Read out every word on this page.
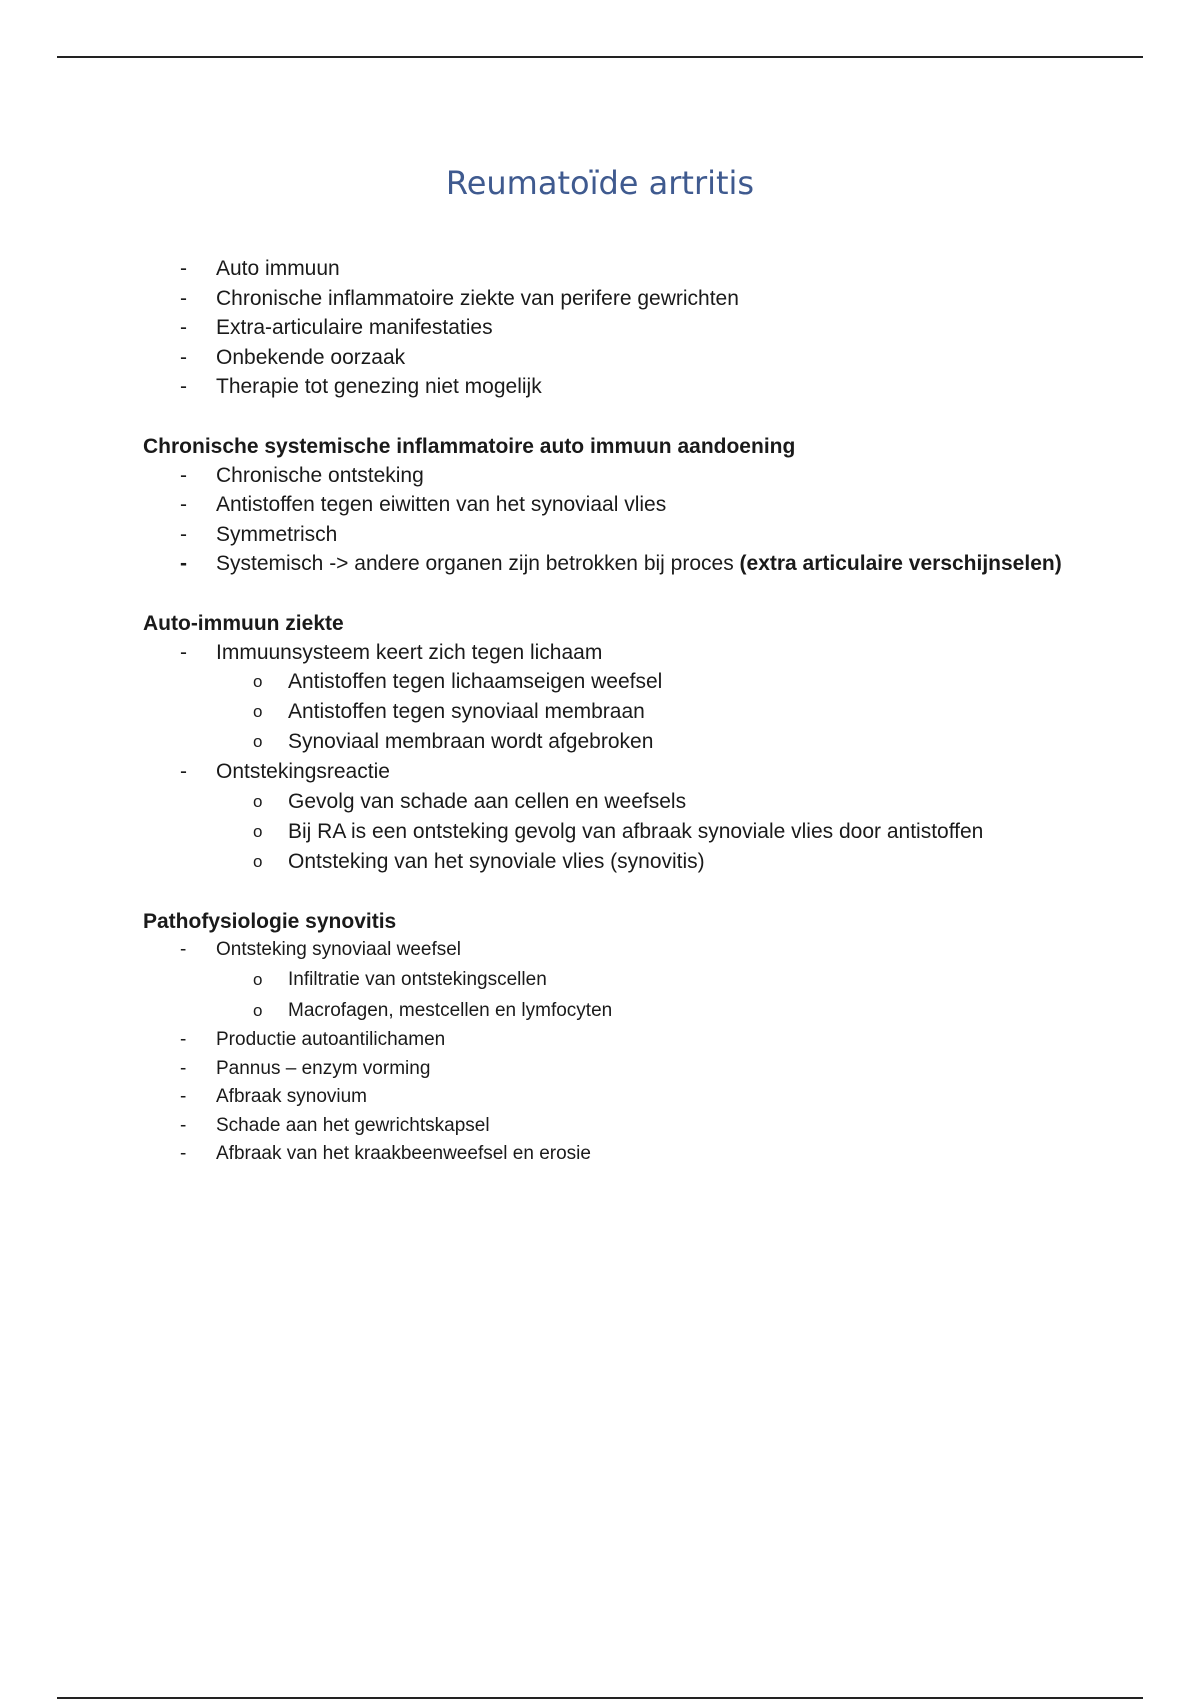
Reumatoïde artritis
- Auto immuun
- Chronische inflammatoire ziekte van perifere gewrichten
- Extra-articulaire manifestaties
- Onbekende oorzaak
- Therapie tot genezing niet mogelijk

Chronische systemische inflammatoire auto immuun aandoening

- Chronische ontsteking
- Antistoffen tegen eiwitten van het synoviaal vlies
- Symmetrisch
- Systemisch -> andere organen zijn betrokken bij proces (extra articulaire verschijnselen)

Auto-immuun ziekte

- Immuunsysteem keert zich tegen lichaam
o Antistoffen tegen lichaamseigen weefsel
o Antistoffen tegen synoviaal membraan
o Synoviaal membraan wordt afgebroken
- Ontstekingsreactie
o Gevolg van schade aan cellen en weefsels
o Bij RA is een ontsteking gevolg van afbraak synoviale vlies door antistoffen
o Ontsteking van het synoviale vlies (synovitis)

Pathofysiologie synovitis

- Ontsteking synoviaal weefsel
o Infiltratie van ontstekingscellen
o Macrofagen, mestcellen en lymfocyten
- Productie autoantilichamen
- Pannus – enzym vorming
- Afbraak synovium
- Schade aan het gewrichtskapsel
- Afbraak van het kraakbeenweefsel en erosie
